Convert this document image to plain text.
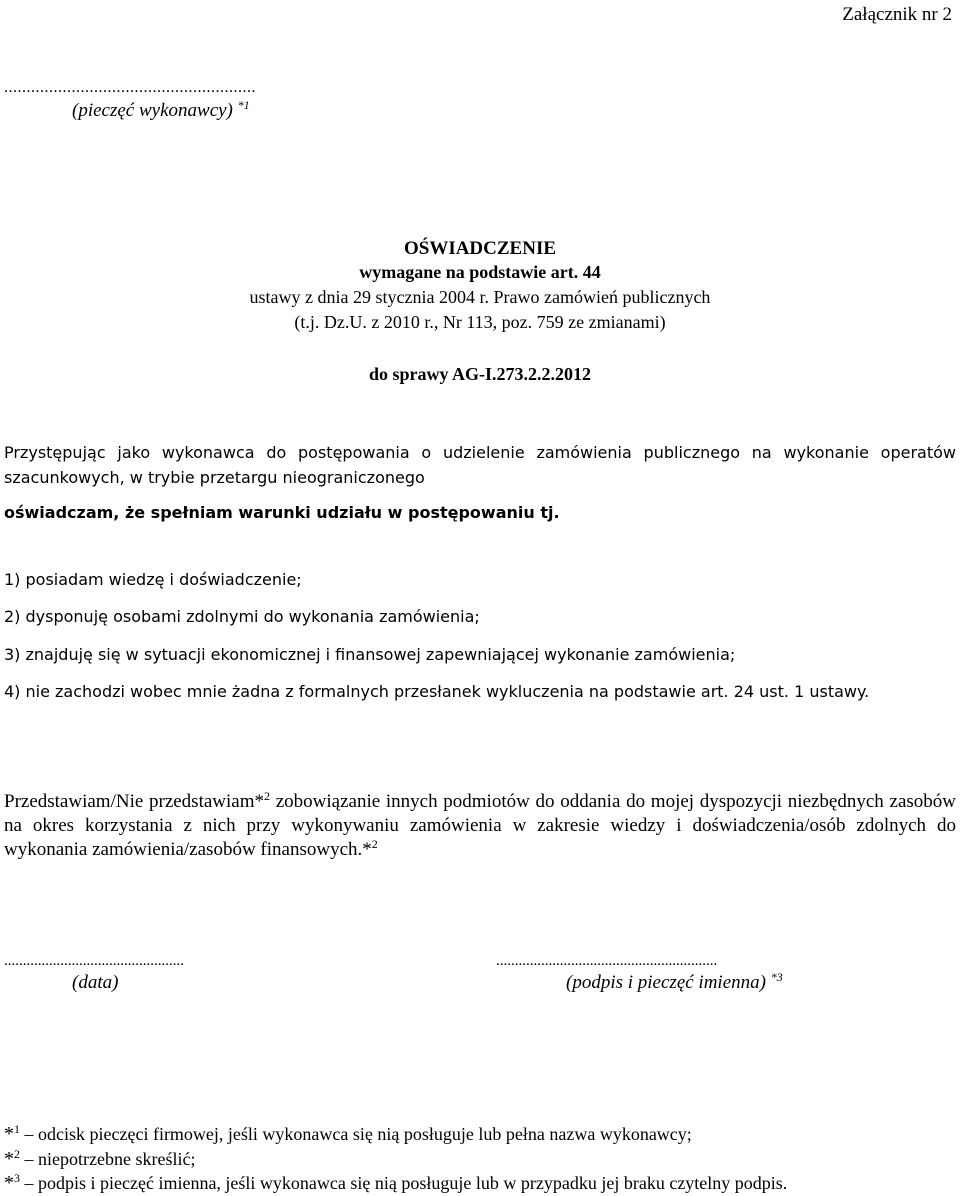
Załącznik nr 2

........................................................

(pieczęć wykonawcy) $^{*1}$

OŚWIADCZENIE

wymagane na podstawie art. 44

ustawy z dnia 29 stycznia 2004 r. Prawo zamówień publicznych

(t.j. Dz.U. z 2010 r., Nr 113, poz. 759 ze zmianami)

do sprawy AG-I.273.2.2.2012

Przystępując jako wykonawca do postępowania o udzielenie zamówienia publicznego na wykonanie operatów szacunkowych, w trybie przetargu nieograniczonego

oświadczam, że spełniam warunki udziału w postępowaniu tj.

1) posiadam wiedzę i doświadczenie;

2) dysponuję osobami zdolnymi do wykonania zamówienia;

3) znajduję się w sytuacji ekonomicznej i finansowej zapewniającej wykonanie zamówienia;

4) nie zachodzi wobec mnie żadna z formalnych przesłanek wykluczenia na podstawie art. 24 ust. 1 ustawy.

Przedstawiam/Nie przedstawiam*$^2$ zobowiązanie innych podmiotów do oddania do mojej dyspozycji niezbędnych zasobów na okres korzystania z nich przy wykonywaniu zamówienia w zakresie wiedzy i doświadczenia/osób zdolnych do wykonania zamówienia/zasobów finansowych.*$^2$

................................................

(data)

...........................................................

(podpis i pieczęć imienna) $^{*3}$

*$^1$ – odcisk pieczęci firmowej, jeśli wykonawca się nią posługuje lub pełna nazwa wykonawcy;

*$^2$ – niepotrzebne skreślić;

*$^3$ – podpis i pieczęć imienna, jeśli wykonawca się nią posługuje lub w przypadku jej braku czytelny podpis.
